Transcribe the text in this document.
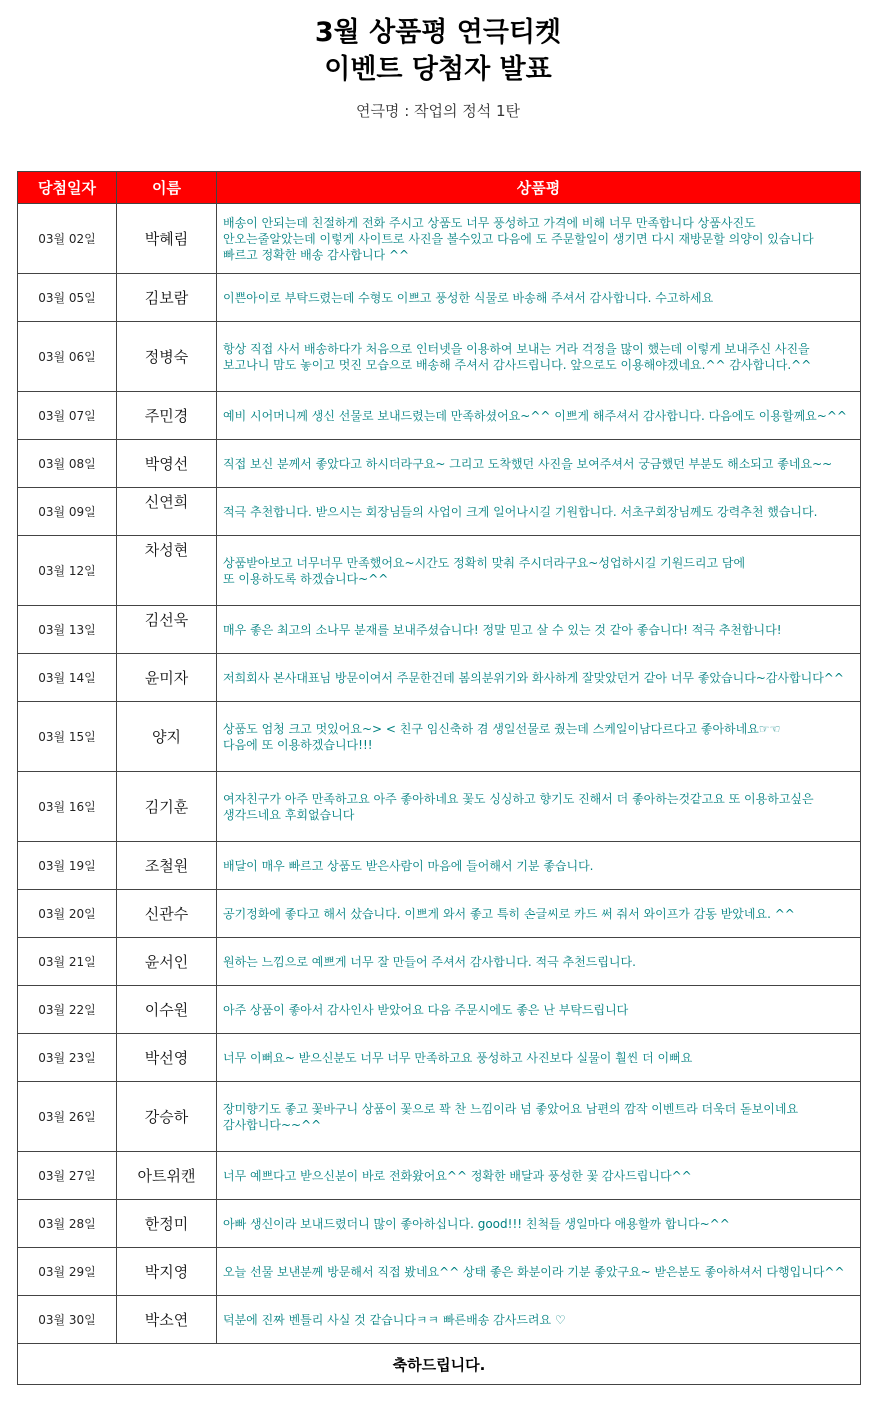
3월 상품평 연극티켓
이벤트 당첨자 발표
연극명 : 작업의 정석 1탄
당첨일자	이름	상품평
03월 02일	박혜림	배송이 안되는데 친절하게 전화 주시고 상품도 너무 풍성하고 가격에 비해 너무 만족합니다 상품사진도
안오는줄알았는데 이렇게 사이트로 사진을 볼수있고 다음에 도 주문할일이 생기면 다시 재방문할 의양이 있습니다
빠르고 정확한 배송 감사합니다 ^^
03월 05일	김보람	이쁜아이로 부탁드렸는데 수형도 이쁘고 풍성한 식물로 바송해 주셔서 감사합니다. 수고하세요
03월 06일	정병숙	항상 직접 사서 배송하다가 처음으로 인터넷을 이용하여 보내는 거라 걱정을 많이 했는데 이렇게 보내주신 사진을
보고나니 맘도 놓이고 멋진 모습으로 배송해 주셔서 감사드립니다. 앞으로도 이용해야겠네요.^^ 감사합니다.^^
03월 07일	주민경	예비 시어머니께 생신 선물로 보내드렸는데 만족하셨어요~^^ 이쁘게 해주셔서 감사합니다. 다음에도 이용할께요~^^
03월 08일	박영선	직접 보신 분께서 좋았다고 하시더라구요~ 그리고 도착했던 사진을 보여주셔서 궁금했던 부분도 해소되고 좋네요~~
03월 09일	신연희	적극 추천합니다. 받으시는 회장님들의 사업이 크게 일어나시길 기원합니다. 서초구회장님께도 강력추천 했습니다.
03월 12일	차성현	상품받아보고 너무너무 만족했어요~시간도 정확히 맞춰 주시더라구요~성업하시길 기원드리고 담에
또 이용하도록 하겠습니다~^^
03월 13일	김선욱	매우 좋은 최고의 소나무 분재를 보내주셨습니다! 정말 믿고 살 수 있는 것 같아 좋습니다! 적극 추천합니다!
03월 14일	윤미자	저희회사 본사대표님 방문이여서 주문한건데 봄의분위기와 화사하게 잘맞았던거 같아 너무 좋았습니다~감사합니다^^
03월 15일	양지	상품도 엄청 크고 멋있어요~> < 친구 임신축하 겸 생일선물로 줬는데 스케일이남다르다고 좋아하네요☞☜
다음에 또 이용하겠습니다!!!
03월 16일	김기훈	여자친구가 아주 만족하고요 아주 좋아하네요 꽃도 싱싱하고 향기도 진해서 더 좋아하는것같고요 또 이용하고싶은
생각드네요 후회없습니다
03월 19일	조철원	배달이 매우 빠르고 상품도 받은사람이 마음에 들어해서 기분 좋습니다.
03월 20일	신관수	공기정화에 좋다고 해서 샀습니다. 이쁘게 와서 좋고 특히 손글씨로 카드 써 줘서 와이프가 감동 받았네요. ^^
03월 21일	윤서인	원하는 느낌으로 예쁘게 너무 잘 만들어 주셔서 감사합니다. 적극 추천드립니다.
03월 22일	이수원	아주 상품이 좋아서 감사인사 받았어요 다음 주문시에도 좋은 난 부탁드립니다
03월 23일	박선영	너무 이뻐요~ 받으신분도 너무 너무 만족하고요 풍성하고 사진보다 실물이 훨씬 더 이뻐요
03월 26일	강승하	장미향기도 좋고 꽃바구니 상품이 꽃으로 꽉 찬 느낌이라 넘 좋았어요 남편의 깜작 이벤트라 더욱더 돋보이네요
감사합니다~~^^
03월 27일	아트위캔	너무 예쁘다고 받으신분이 바로 전화왔어요^^ 정확한 배달과 풍성한 꽃 감사드립니다^^
03월 28일	한정미	아빠 생신이라 보내드렸더니 많이 좋아하십니다. good!!! 친척들 생일마다 애용할까 합니다~^^
03월 29일	박지영	오늘 선물 보낸분께 방문해서 직접 봤네요^^ 상태 좋은 화분이라 기분 좋았구요~ 받은분도 좋아하셔서 다행입니다^^
03월 30일	박소연	덕분에 진짜 벤틀리 사실 것 같습니다ㅋㅋ 빠른배송 감사드려요 ♡
축하드립니다.		
